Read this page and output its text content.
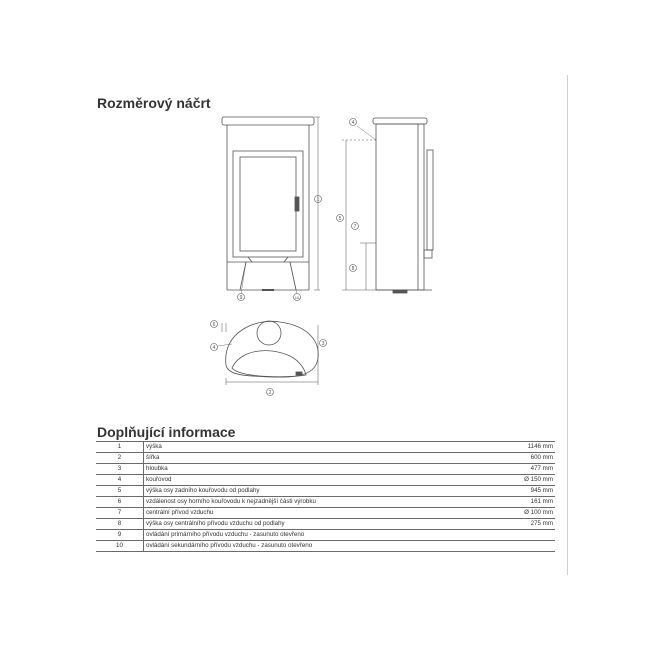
Rozměrový náčrt
1
2
3
4
4
5
6
7
8
9	10
Doplňující informace
1	výška	1146 mm
2	šířka	600 mm
3	hloubka	477 mm
4	kouřovod	Ø 150 mm
5	výška osy zadního kouřovodu od podlahy	945 mm
6	vzdálenost osy horního kouřovodu k nejzadnější části výrobku	161 mm
7	centrální přívod vzduchu	Ø 100 mm
8	výška osy centrálního přívodu vzduchu od podlahy	275 mm
9	ovládání primárního přívodu vzduchu - zasunuto otevřeno	
10	ovládání sekundárního přívodu vzduchu - zasunuto otevřeno	
